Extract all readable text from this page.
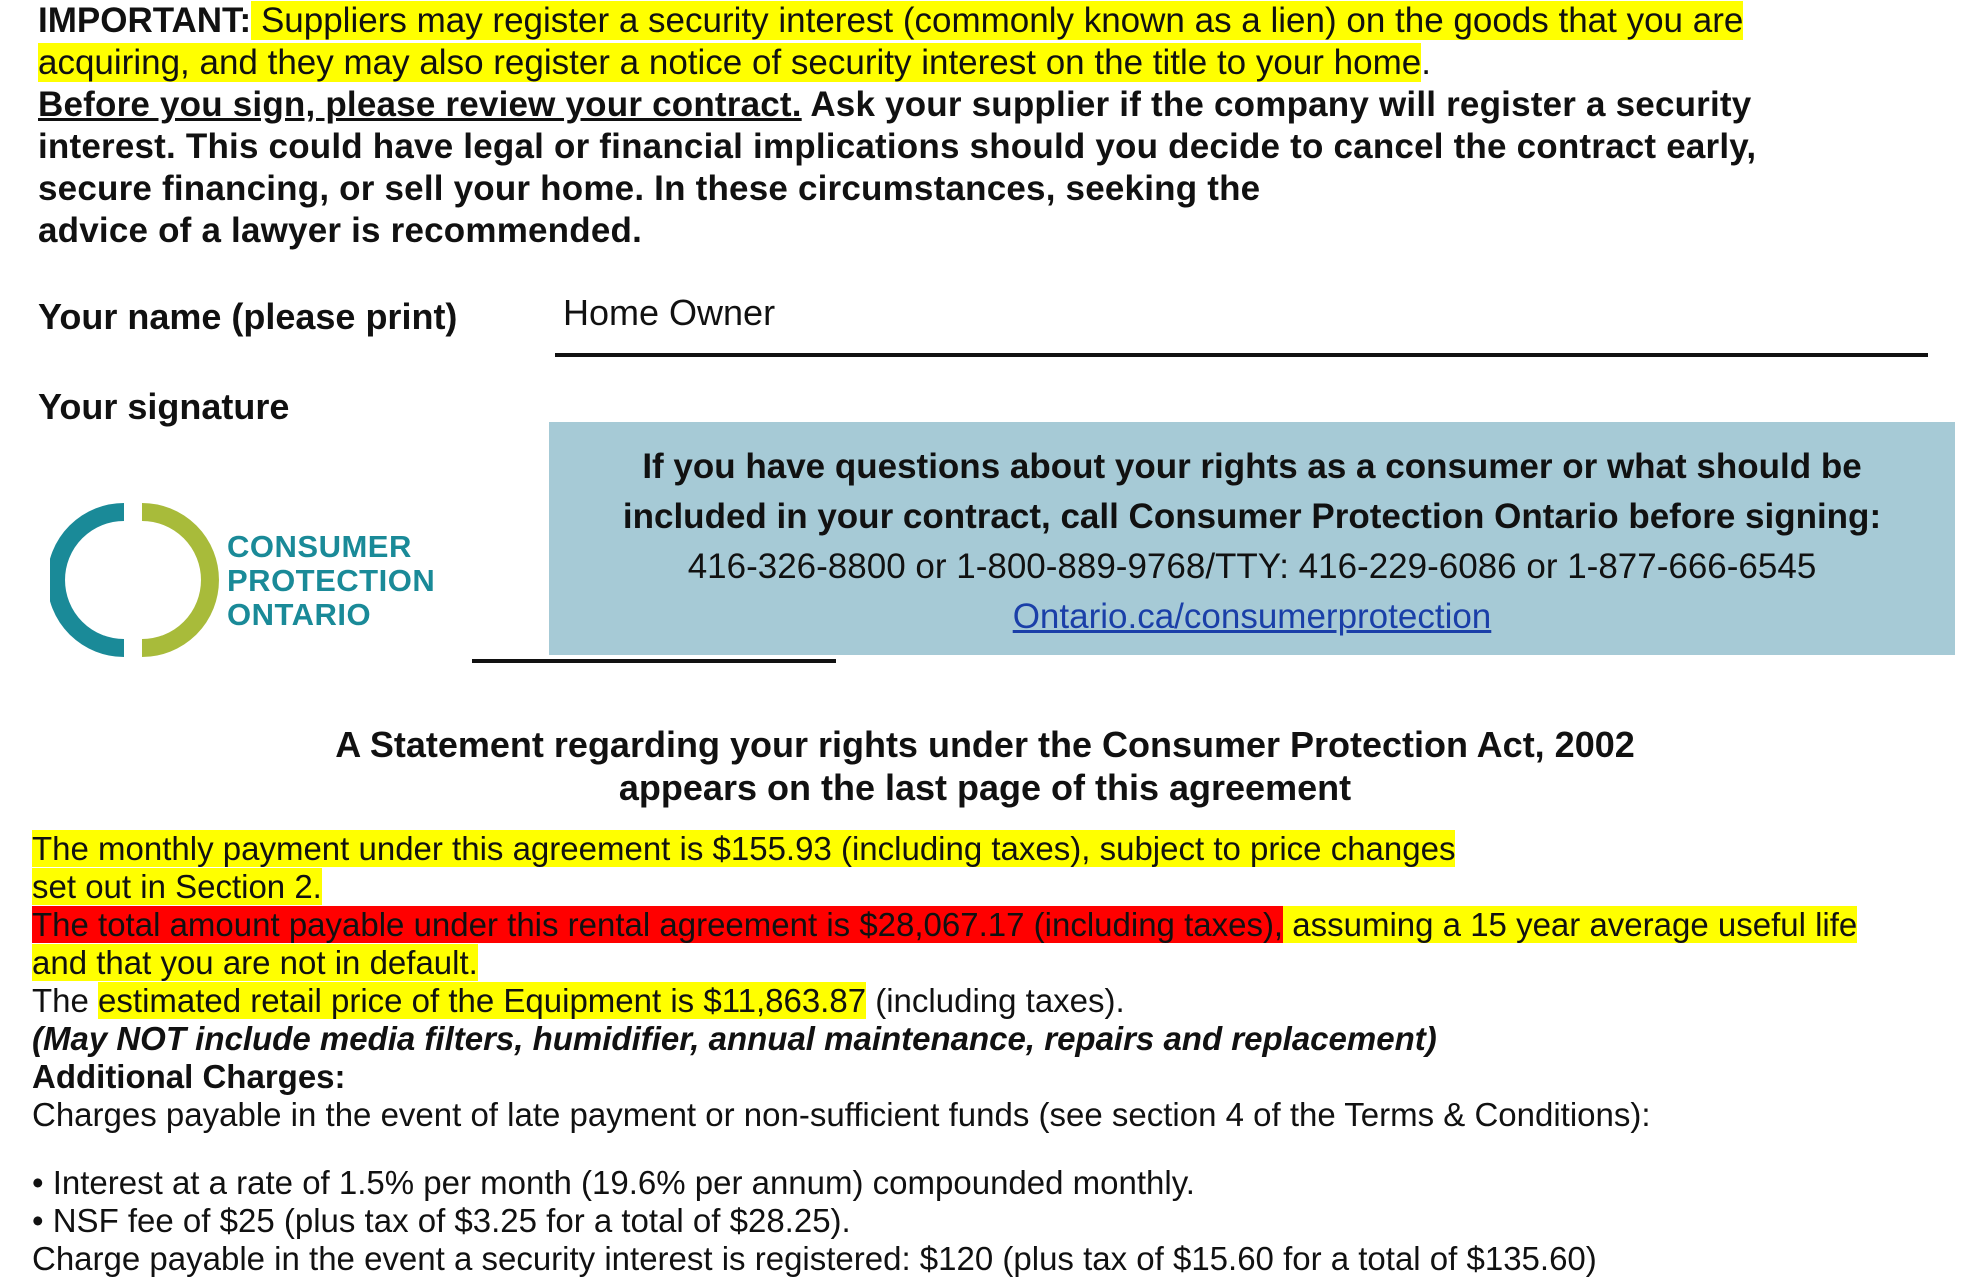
IMPORTANT: Suppliers may register a security interest (commonly known as a lien) on the goods that you are
acquiring, and they may also register a notice of security interest on the title to your home.
Before you sign, please review your contract. Ask your supplier if the company will register a security
interest. This could have legal or financial implications should you decide to cancel the contract early,
secure financing, or sell your home. In these circumstances, seeking the
advice of a lawyer is recommended.
Your name (please print)	Home Owner
Your signature
CONSUMER
PROTECTION
ONTARIO
If you have questions about your rights as a consumer or what should be
included in your contract, call Consumer Protection Ontario before signing:
416-326-8800 or 1-800-889-9768/TTY: 416-229-6086 or 1-877-666-6545
Ontario.ca/consumerprotection
A Statement regarding your rights under the Consumer Protection Act, 2002
appears on the last page of this agreement
The monthly payment under this agreement is $155.93 (including taxes), subject to price changes
set out in Section 2.
The total amount payable under this rental agreement is $28,067.17 (including taxes), assuming a 15 year average useful life
and that you are not in default.
The estimated retail price of the Equipment is $11,863.87 (including taxes).
(May NOT include media filters, humidifier, annual maintenance, repairs and replacement)
Additional Charges:
Charges payable in the event of late payment or non-sufficient funds (see section 4 of the Terms & Conditions):
• Interest at a rate of 1.5% per month (19.6% per annum) compounded monthly.
• NSF fee of $25 (plus tax of $3.25 for a total of $28.25).
Charge payable in the event a security interest is registered: $120 (plus tax of $15.60 for a total of $135.60)
